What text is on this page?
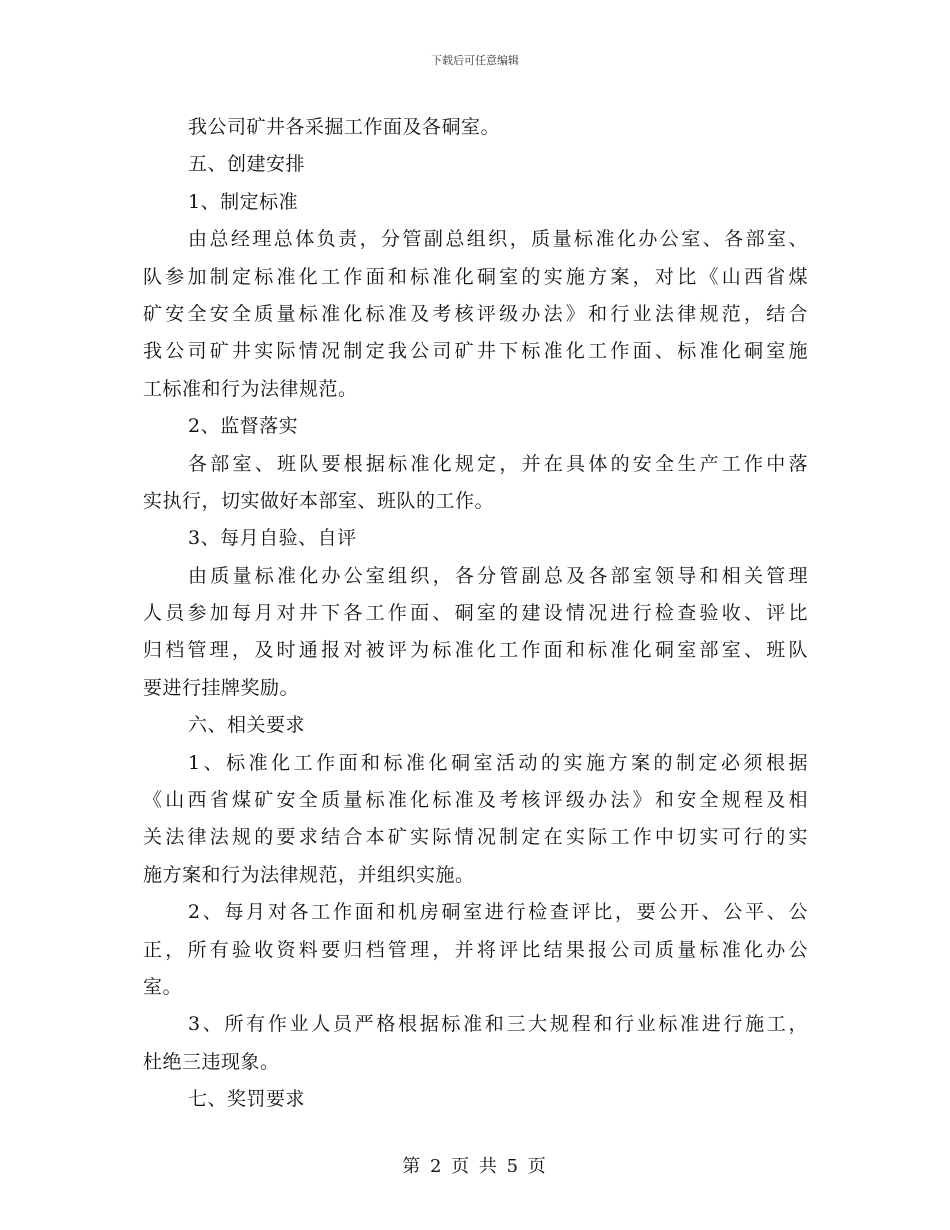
下载后可任意编辑
我公司矿井各采掘工作面及各硐室。
五、创建安排
1、制定标准
由总经理总体负责，分管副总组织，质量标准化办公室、各部室、
队参加制定标准化工作面和标准化硐室的实施方案，对比《山西省煤
矿安全安全质量标准化标准及考核评级办法》和行业法律规范，结合
我公司矿井实际情况制定我公司矿井下标准化工作面、标准化硐室施
工标准和行为法律规范。
2、监督落实
各部室、班队要根据标准化规定，并在具体的安全生产工作中落
实执行，切实做好本部室、班队的工作。
3、每月自验、自评
由质量标准化办公室组织，各分管副总及各部室领导和相关管理
人员参加每月对井下各工作面、硐室的建设情况进行检查验收、评比
归档管理，及时通报对被评为标准化工作面和标准化硐室部室、班队
要进行挂牌奖励。
六、相关要求
1、标准化工作面和标准化硐室活动的实施方案的制定必须根据
《山西省煤矿安全质量标准化标准及考核评级办法》和安全规程及相
关法律法规的要求结合本矿实际情况制定在实际工作中切实可行的实
施方案和行为法律规范，并组织实施。
2、每月对各工作面和机房硐室进行检查评比，要公开、公平、公
正，所有验收资料要归档管理，并将评比结果报公司质量标准化办公
室。
3、所有作业人员严格根据标准和三大规程和行业标准进行施工，
杜绝三违现象。
七、奖罚要求
第 2 页 共 5 页
